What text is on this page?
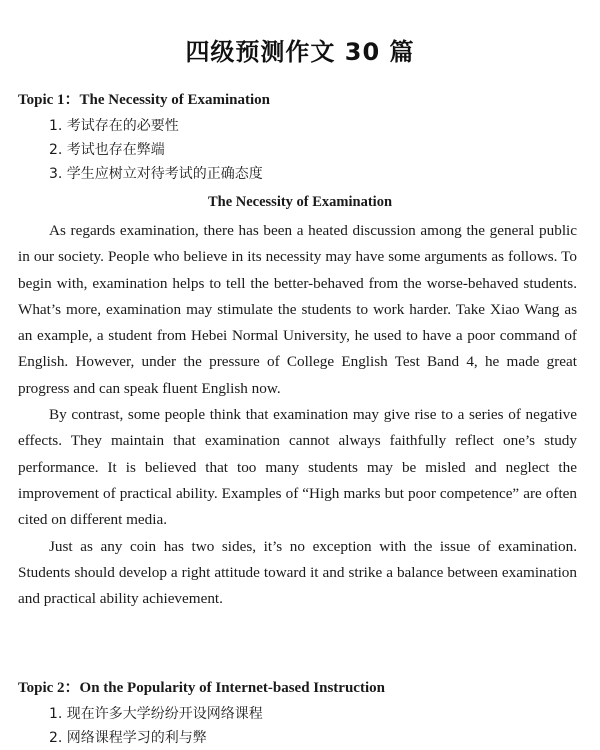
四级预测作文 30 篇
Topic 1：The Necessity of Examination
1. 考试存在的必要性
2. 考试也存在弊端
3. 学生应树立对待考试的正确态度
The Necessity of Examination

As regards examination, there has been a heated discussion among the general public in our society. People who believe in its necessity may have some arguments as follows. To begin with, examination helps to tell the better-behaved from the worse-behaved students. What’s more, examination may stimulate the students to work harder. Take Xiao Wang as an example, a student from Hebei Normal University, he used to have a poor command of English. However, under the pressure of College English Test Band 4, he made great progress and can speak fluent English now.

By contrast, some people think that examination may give rise to a series of negative effects. They maintain that examination cannot always faithfully reflect one’s study performance. It is believed that too many students may be misled and neglect the improvement of practical ability. Examples of “High marks but poor competence” are often cited on different media.

Just as any coin has two sides, it’s no exception with the issue of examination. Students should develop a right attitude toward it and strike a balance between examination and practical ability achievement.

Topic 2：On the Popularity of Internet-based Instruction
1. 现在许多大学纷纷开设网络课程
2. 网络课程学习的利与弊
